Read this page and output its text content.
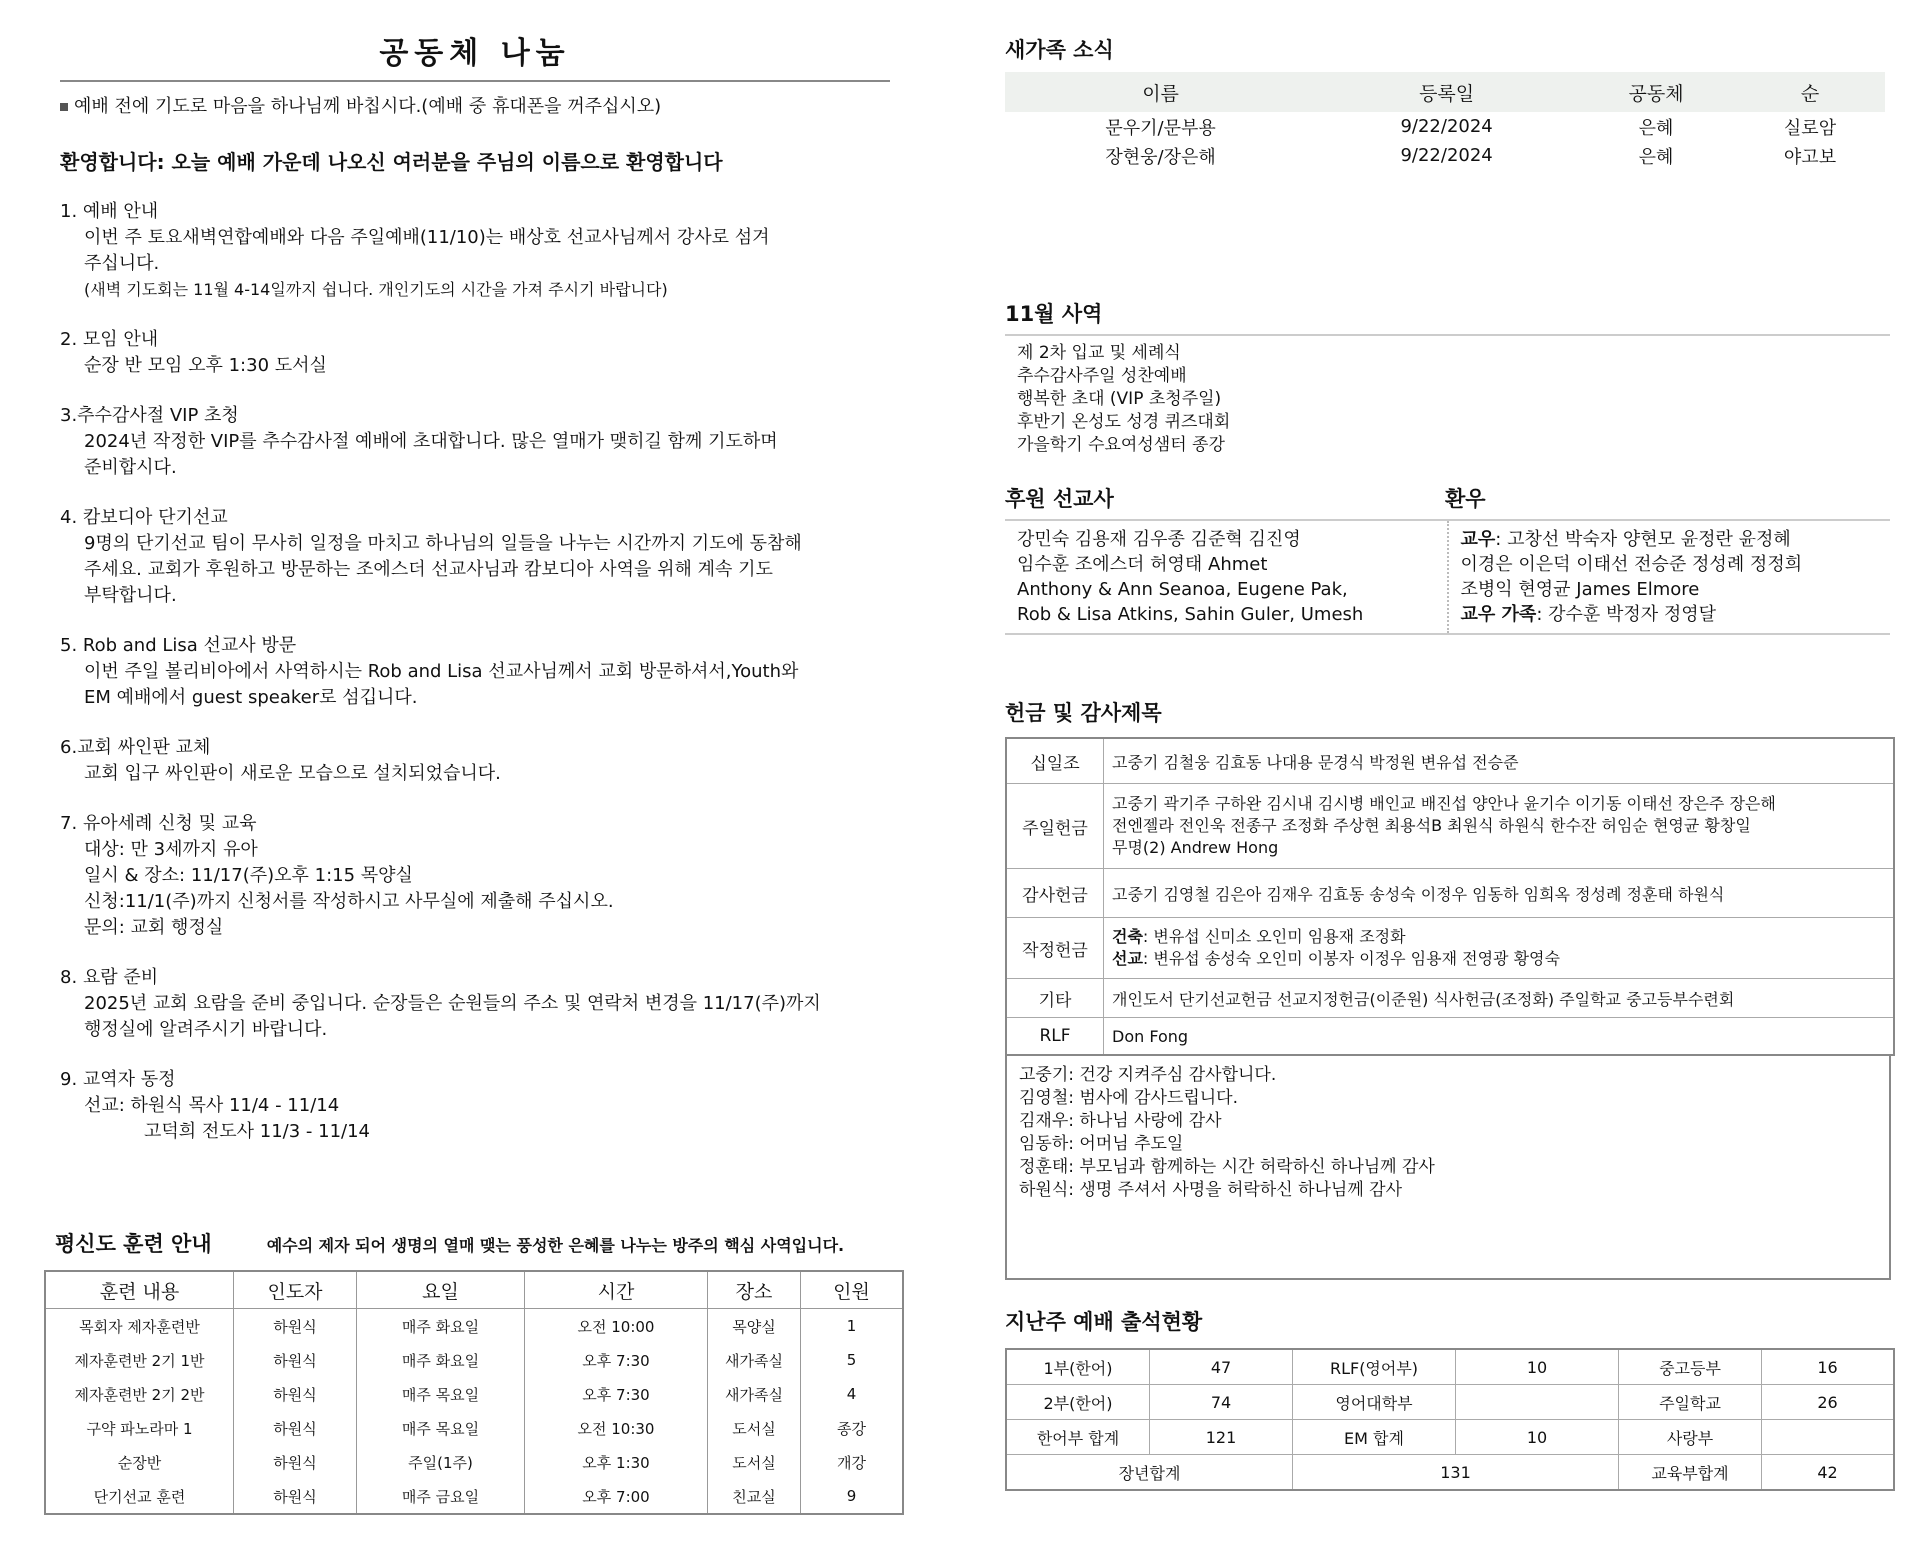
공동체 나눔
예배 전에 기도로 마음을 하나님께 바칩시다.(예배 중 휴대폰을 꺼주십시오)
환영합니다: 오늘 예배 가운데 나오신 여러분을 주님의 이름으로 환영합니다
1. 예배 안내
이번 주 토요새벽연합예배와 다음 주일예배(11/10)는 배상호 선교사님께서 강사로 섬겨
주십니다.
(새벽 기도회는 11월 4-14일까지 쉽니다. 개인기도의 시간을 가져 주시기 바랍니다)
2. 모임 안내
순장 반 모임 오후 1:30 도서실
3.추수감사절 VIP 초청
2024년 작정한 VIP를 추수감사절 예배에 초대합니다. 많은 열매가 맺히길 함께 기도하며
준비합시다.
4. 캄보디아 단기선교
9명의 단기선교 팀이 무사히 일정을 마치고 하나님의 일들을 나누는 시간까지 기도에 동참해
주세요. 교회가 후원하고 방문하는 조에스더 선교사님과 캄보디아 사역을 위해 계속 기도
부탁합니다.
5. Rob and Lisa 선교사 방문
이번 주일 볼리비아에서 사역하시는 Rob and Lisa 선교사님께서 교회 방문하셔서,Youth와
EM 예배에서 guest speaker로 섬깁니다.
6.교회 싸인판 교체
교회 입구 싸인판이 새로운 모습으로 설치되었습니다.
7. 유아세례 신청 및 교육
대상: 만 3세까지 유아
일시 & 장소: 11/17(주)오후 1:15 목양실
신청:11/1(주)까지 신청서를 작성하시고 사무실에 제출해 주십시오.
문의: 교회 행정실
8. 요람 준비
2025년 교회 요람을 준비 중입니다. 순장들은 순원들의 주소 및 연락처 변경을 11/17(주)까지
행정실에 알려주시기 바랍니다.
9. 교역자 동정
선교: 하원식 목사 11/4 - 11/14
고덕희 전도사 11/3 - 11/14
평신도 훈련 안내	예수의 제자 되어 생명의 열매 맺는 풍성한 은혜를 나누는 방주의 핵심 사역입니다.
훈련 내용	인도자	요일	시간	장소	인원
목회자 제자훈련반	하원식	매주 화요일	오전 10:00	목양실	1
제자훈련반 2기 1반	하원식	매주 화요일	오후 7:30	새가족실	5
제자훈련반 2기 2반	하원식	매주 목요일	오후 7:30	새가족실	4
구약 파노라마 1	하원식	매주 목요일	오전 10:30	도서실	종강
순장반	하원식	주일(1주)	오후 1:30	도서실	개강
단기선교 훈련	하원식	매주 금요일	오후 7:00	친교실	9
새가족 소식
이름	등록일	공동체	순
문우기/문부용	9/22/2024	은혜	실로암
장현웅/장은해	9/22/2024	은혜	야고보
11월 사역
제 2차 입교 및 세례식
추수감사주일 성찬예배
행복한 초대 (VIP 초청주일)
후반기 온성도 성경 퀴즈대회
가을학기 수요여성샘터 종강
후원 선교사	환우
강민숙 김용재 김우종 김준혁 김진영
임수훈 조에스더 허영태 Ahmet
Anthony & Ann Seanoa, Eugene Pak,
Rob & Lisa Atkins, Sahin Guler, Umesh
교우: 고창선 박숙자 양현모 윤정란 윤정혜
이경은 이은덕 이태선 전승준 정성례 정정희
조병익 현영균 James Elmore
교우 가족: 강수훈 박정자 정영달
헌금 및 감사제목
십일조	고중기 김철웅 김효동 나대용 문경식 박정원 변유섭 전승준
주일헌금	고중기 곽기주 구하완 김시내 김시병 배인교 배진섭 양안나 윤기수 이기동 이태선 장은주 장은해
전엔젤라 전인욱 전종구 조정화 주상현 최용석B 최원식 하원식 한수잔 허임순 현영균 황창일
무명(2) Andrew Hong

감사헌금	고중기 김영철 김은아 김재우 김효동 송성숙 이정우 임동하 임희옥 정성례 정훈태 하원식
작정헌금	건축: 변유섭 신미소 오인미 임용재 조정화
선교: 변유섭 송성숙 오인미 이봉자 이정우 임용재 전영광 황영숙

기타	개인도서 단기선교헌금 선교지정헌금(이준원) 식사헌금(조정화) 주일학교 중고등부수련회
RLF	Don Fong
고중기: 건강 지켜주심 감사합니다.
김영철: 범사에 감사드립니다.
김재우: 하나님 사랑에 감사
임동하: 어머님 추도일
정훈태: 부모님과 함께하는 시간 허락하신 하나님께 감사
하원식: 생명 주셔서 사명을 허락하신 하나님께 감사
지난주 예배 출석현황
1부(한어)	47	RLF(영어부)	10	중고등부	16
2부(한어)	74	영어대학부		주일학교	26
한어부 합계	121	EM 합계	10	사랑부	
장년합계		131		교육부합계	42
